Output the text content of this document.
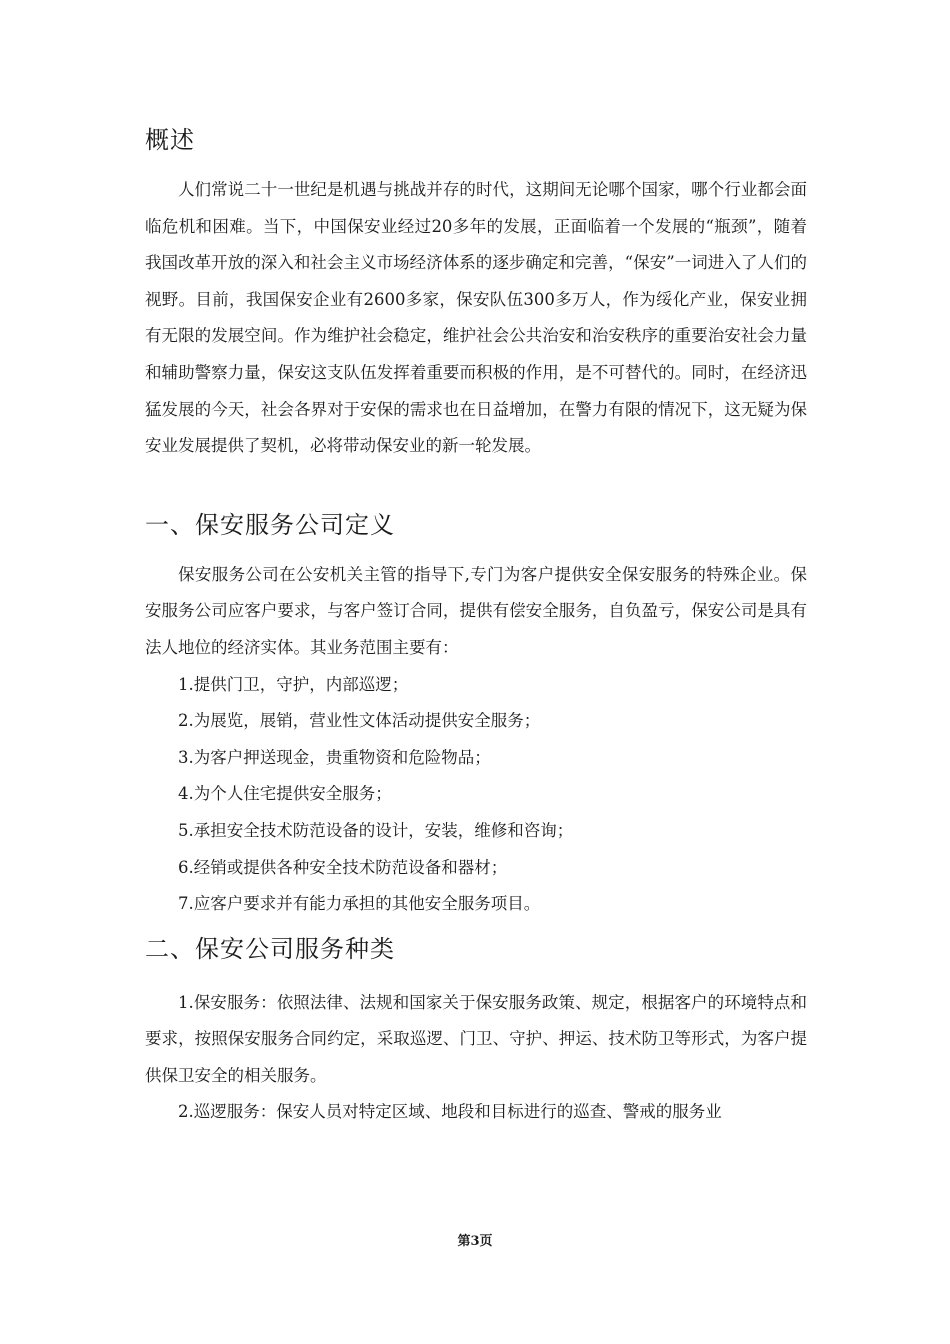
概述

人们常说二十一世纪是机遇与挑战并存的时代，这期间无论哪个国家，哪个行业都会面临危机和困难。当下，中国保安业经过20多年的发展，正面临着一个发展的“瓶颈”，随着我国改革开放的深入和社会主义市场经济体系的逐步确定和完善，“保安”一词进入了人们的视野。目前，我国保安企业有2600多家，保安队伍300多万人，作为绥化产业，保安业拥有无限的发展空间。作为维护社会稳定，维护社会公共治安和治安秩序的重要治安社会力量和辅助警察力量，保安这支队伍发挥着重要而积极的作用，是不可替代的。同时，在经济迅猛发展的今天，社会各界对于安保的需求也在日益增加，在警力有限的情况下，这无疑为保安业发展提供了契机，必将带动保安业的新一轮发展。

一、保安服务公司定义

保安服务公司在公安机关主管的指导下,专门为客户提供安全保安服务的特殊企业。保安服务公司应客户要求，与客户签订合同，提供有偿安全服务，自负盈亏，保安公司是具有法人地位的经济实体。其业务范围主要有：

1.提供门卫，守护，内部巡逻；
2.为展览，展销，营业性文体活动提供安全服务；
3.为客户押送现金，贵重物资和危险物品；
4.为个人住宅提供安全服务；
5.承担安全技术防范设备的设计，安装，维修和咨询；
6.经销或提供各种安全技术防范设备和器材；
7.应客户要求并有能力承担的其他安全服务项目。
二、保安公司服务种类

1.保安服务：依照法律、法规和国家关于保安服务政策、规定，根据客户的环境特点和要求，按照保安服务合同约定，采取巡逻、门卫、守护、押运、技术防卫等形式，为客户提供保卫安全的相关服务。

2.巡逻服务：保安人员对特定区域、地段和目标进行的巡查、警戒的服务业

第3页
